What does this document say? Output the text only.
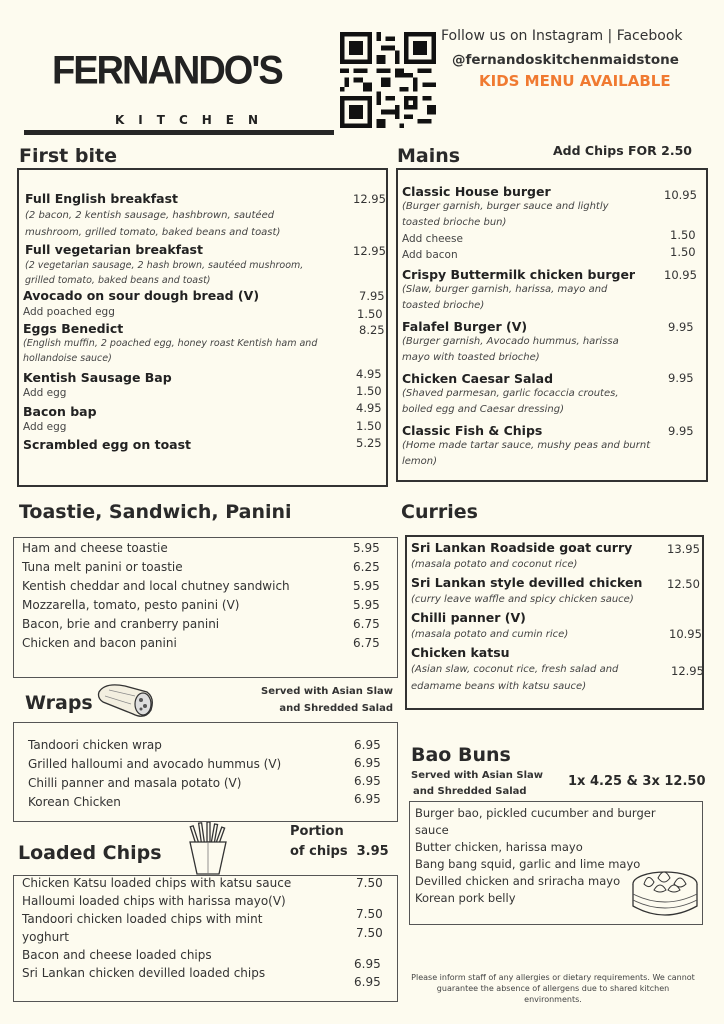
FERNANDO'S
KITCHEN
Follow us on Instagram | Facebook
@fernandoskitchenmaidstone
KIDS MENU AVAILABLE
First bite
Full English breakfast
(2 bacon, 2 kentish sausage, hashbrown, sautéed mushroom, grilled tomato, baked beans and toast)
12.95
Full vegetarian breakfast
(2 vegetarian sausage, 2 hash brown, sautéed mushroom, grilled tomato, baked beans and toast)
12.95
Avocado on sour dough bread (V)
Add poached egg
7.95
1.50
Eggs Benedict
(English muffin, 2 poached egg, honey roast Kentish ham and hollandoise sauce)
8.25
Kentish Sausage Bap
Add egg
4.95
1.50
Bacon bap
Add egg
4.95
1.50
Scrambled egg on toast	5.25
Mains	Add Chips FOR 2.50
Classic House burger
(Burger garnish, burger sauce and lightly toasted brioche bun)
Add cheese
Add bacon
10.95
1.50
1.50
Crispy Buttermilk chicken burger
(Slaw, burger garnish, harissa, mayo and toasted brioche)
10.95
Falafel Burger (V)
(Burger garnish, Avocado hummus, harissa mayo with toasted brioche)
9.95
Chicken Caesar Salad
(Shaved parmesan, garlic focaccia croutes, boiled egg and Caesar dressing)
9.95
Classic Fish & Chips
(Home made tartar sauce, mushy peas and burnt lemon)
9.95
Toastie, Sandwich, Panini
Ham and cheese toastie
Tuna melt panini or toastie
Kentish cheddar and local chutney sandwich
Mozzarella, tomato, pesto panini (V)
Bacon, brie and cranberry panini
Chicken and bacon panini
5.95
6.25
5.95
5.95
6.75
6.75
Wraps
Served with Asian Slaw
and Shredded Salad
Tandoori chicken wrap
Grilled halloumi and avocado hummus (V)
Chilli panner and masala potato (V)
Korean Chicken
6.95
6.95
6.95
6.95
Loaded Chips
Portion
of chips 3.95
Chicken Katsu loaded chips with katsu sauce
Halloumi loaded chips with harissa mayo(V)
Tandoori chicken loaded chips with mint yoghurt
Bacon and cheese loaded chips
Sri Lankan chicken devilled loaded chips
7.50
7.50
7.50
6.95
6.95
Curries
Sri Lankan Roadside goat curry
(masala potato and coconut rice)
Sri Lankan style devilled chicken
(curry leave waffle and spicy chicken sauce)
Chilli panner (V)
(masala potato and cumin rice)
Chicken katsu
(Asian slaw, coconut rice, fresh salad and edamame beans with katsu sauce)
13.95
12.50
10.95
12.95
Bao Buns
Served with Asian Slaw
and Shredded Salad
1x 4.25 & 3x 12.50
Burger bao, pickled cucumber and burger sauce
Butter chicken, harissa mayo
Bang bang squid, garlic and lime mayo
Devilled chicken and sriracha mayo
Korean pork belly
Please inform staff of any allergies or dietary requirements. We cannot guarantee the absence of allergens due to shared kitchen environments.
